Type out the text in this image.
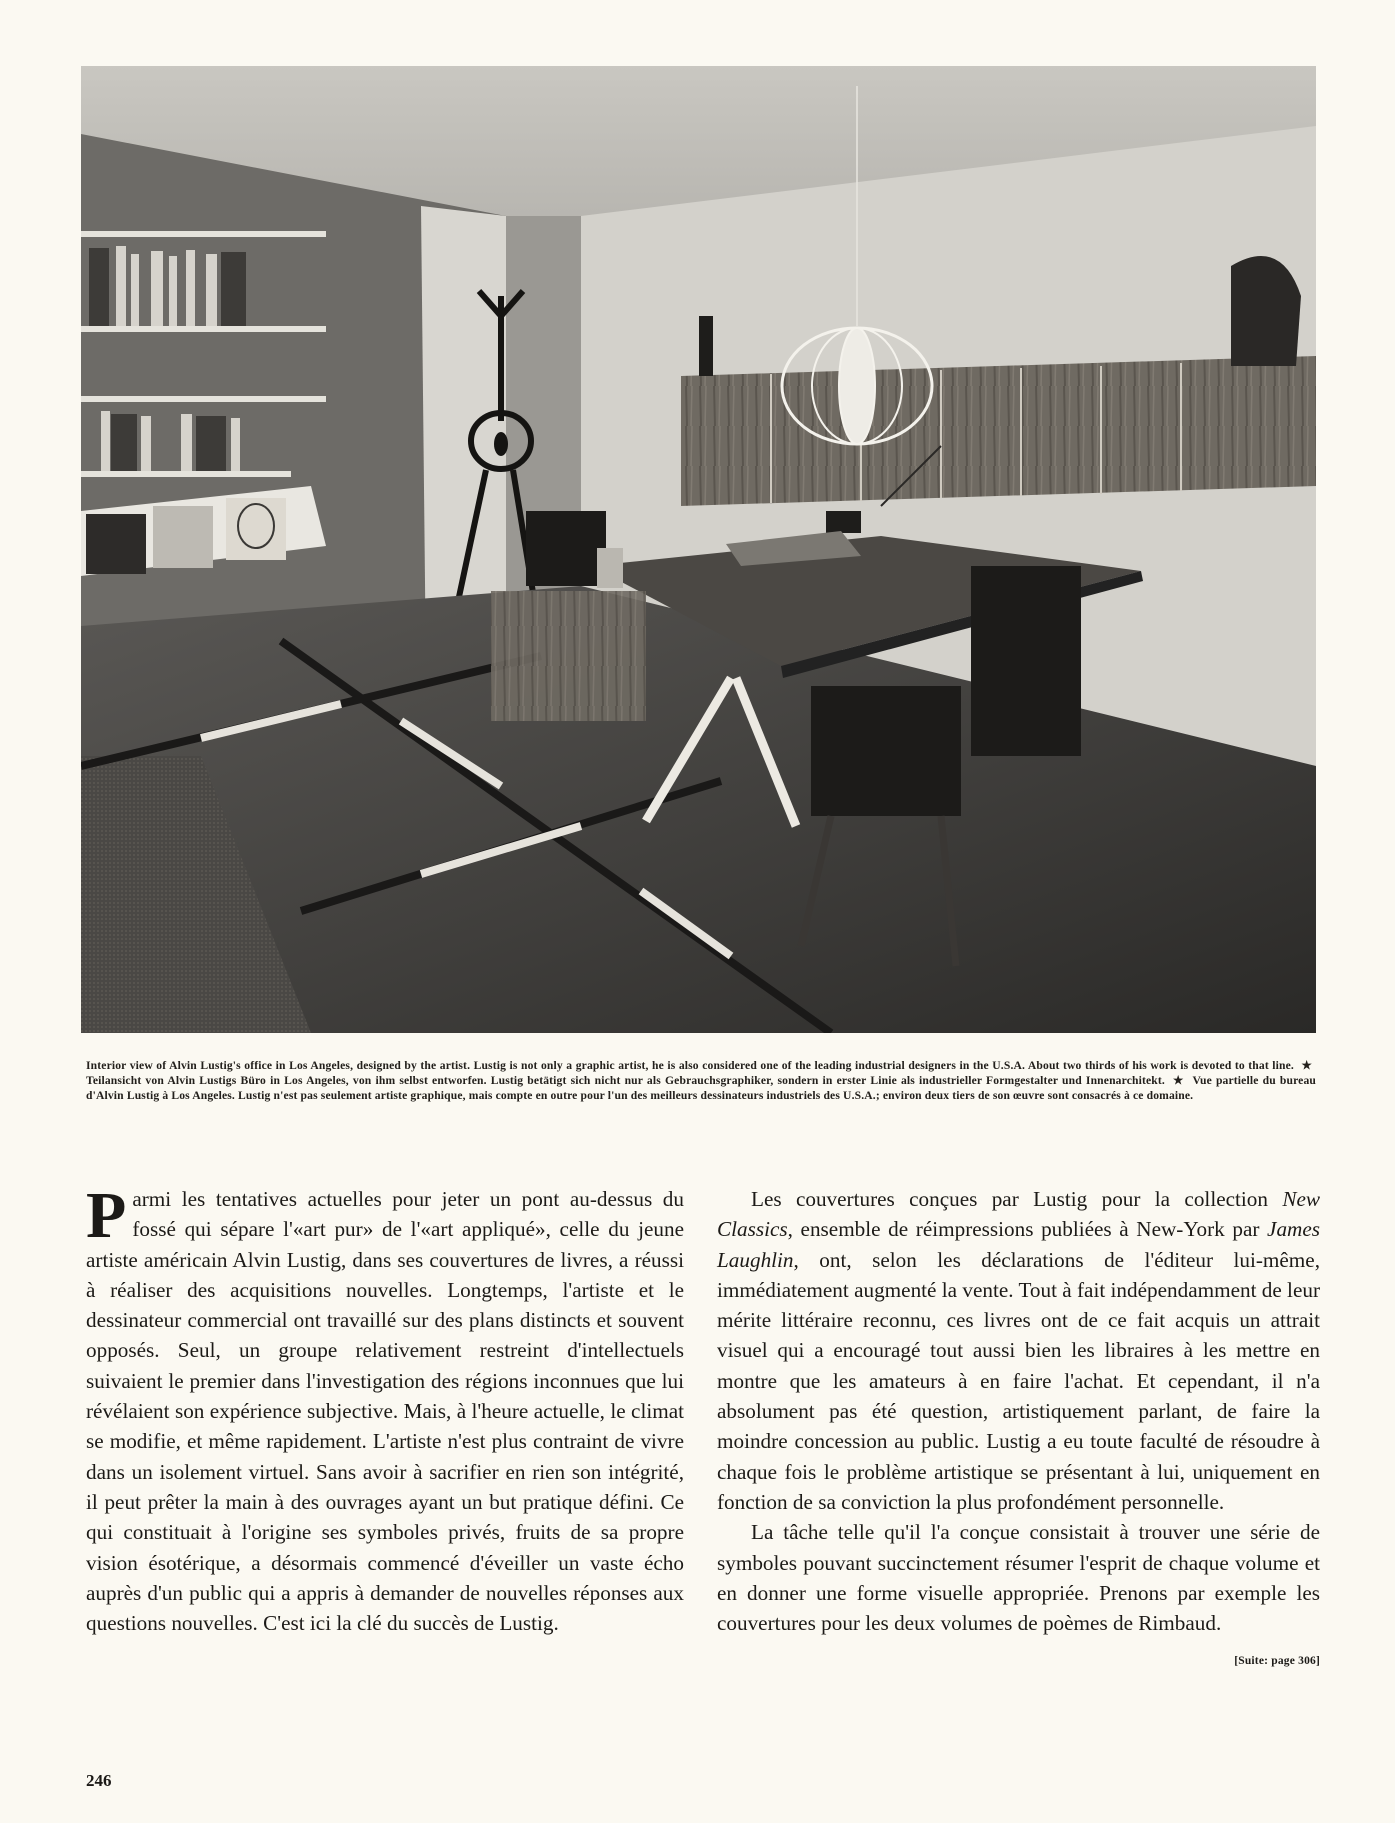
Interior view of Alvin Lustig's office in Los Angeles, designed by the artist. Lustig is not only a graphic artist, he is also considered one of the leading industrial designers in the U.S.A. About two thirds of his work is devoted to that line. ★ Teilansicht von Alvin Lustigs Büro in Los Angeles, von ihm selbst entworfen. Lustig betätigt sich nicht nur als Gebrauchsgraphiker, sondern in erster Linie als industrieller Formgestalter und Innenarchitekt. ★ Vue partielle du bureau d'Alvin Lustig à Los Angeles. Lustig n'est pas seulement artiste graphique, mais compte en outre pour l'un des meilleurs dessinateurs industriels des U.S.A.; environ deux tiers de son œuvre sont consacrés à ce domaine.

Parmi les tentatives actuelles pour jeter un pont au-dessus du fossé qui sépare l'«art pur» de l'«art appliqué», celle du jeune artiste américain Alvin Lustig, dans ses couvertures de livres, a réussi à réaliser des acquisitions nouvelles. Longtemps, l'artiste et le dessinateur commercial ont travaillé sur des plans distincts et souvent opposés. Seul, un groupe relativement restreint d'intellectuels suivaient le premier dans l'investigation des régions inconnues que lui révélaient son expérience subjective. Mais, à l'heure actuelle, le climat se modifie, et même rapidement. L'artiste n'est plus contraint de vivre dans un isolement virtuel. Sans avoir à sacrifier en rien son intégrité, il peut prêter la main à des ouvrages ayant un but pratique défini. Ce qui constituait à l'origine ses symboles privés, fruits de sa propre vision ésotérique, a désormais commencé d'éveiller un vaste écho auprès d'un public qui a appris à demander de nouvelles réponses aux questions nouvelles. C'est ici la clé du succès de Lustig.

Les couvertures conçues par Lustig pour la collection New Classics, ensemble de réimpressions publiées à New-York par James Laughlin, ont, selon les déclarations de l'éditeur lui-même, immédiatement augmenté la vente. Tout à fait indépendamment de leur mérite littéraire reconnu, ces livres ont de ce fait acquis un attrait visuel qui a encouragé tout aussi bien les libraires à les mettre en montre que les amateurs à en faire l'achat. Et cependant, il n'a absolument pas été question, artistiquement parlant, de faire la moindre concession au public. Lustig a eu toute faculté de résoudre à chaque fois le problème artistique se présentant à lui, uniquement en fonction de sa conviction la plus profondément personnelle.

La tâche telle qu'il l'a conçue consistait à trouver une série de symboles pouvant succinctement résumer l'esprit de chaque volume et en donner une forme visuelle appropriée. Prenons par exemple les couvertures pour les deux volumes de poèmes de Rimbaud.
[Suite: page 306]

246
